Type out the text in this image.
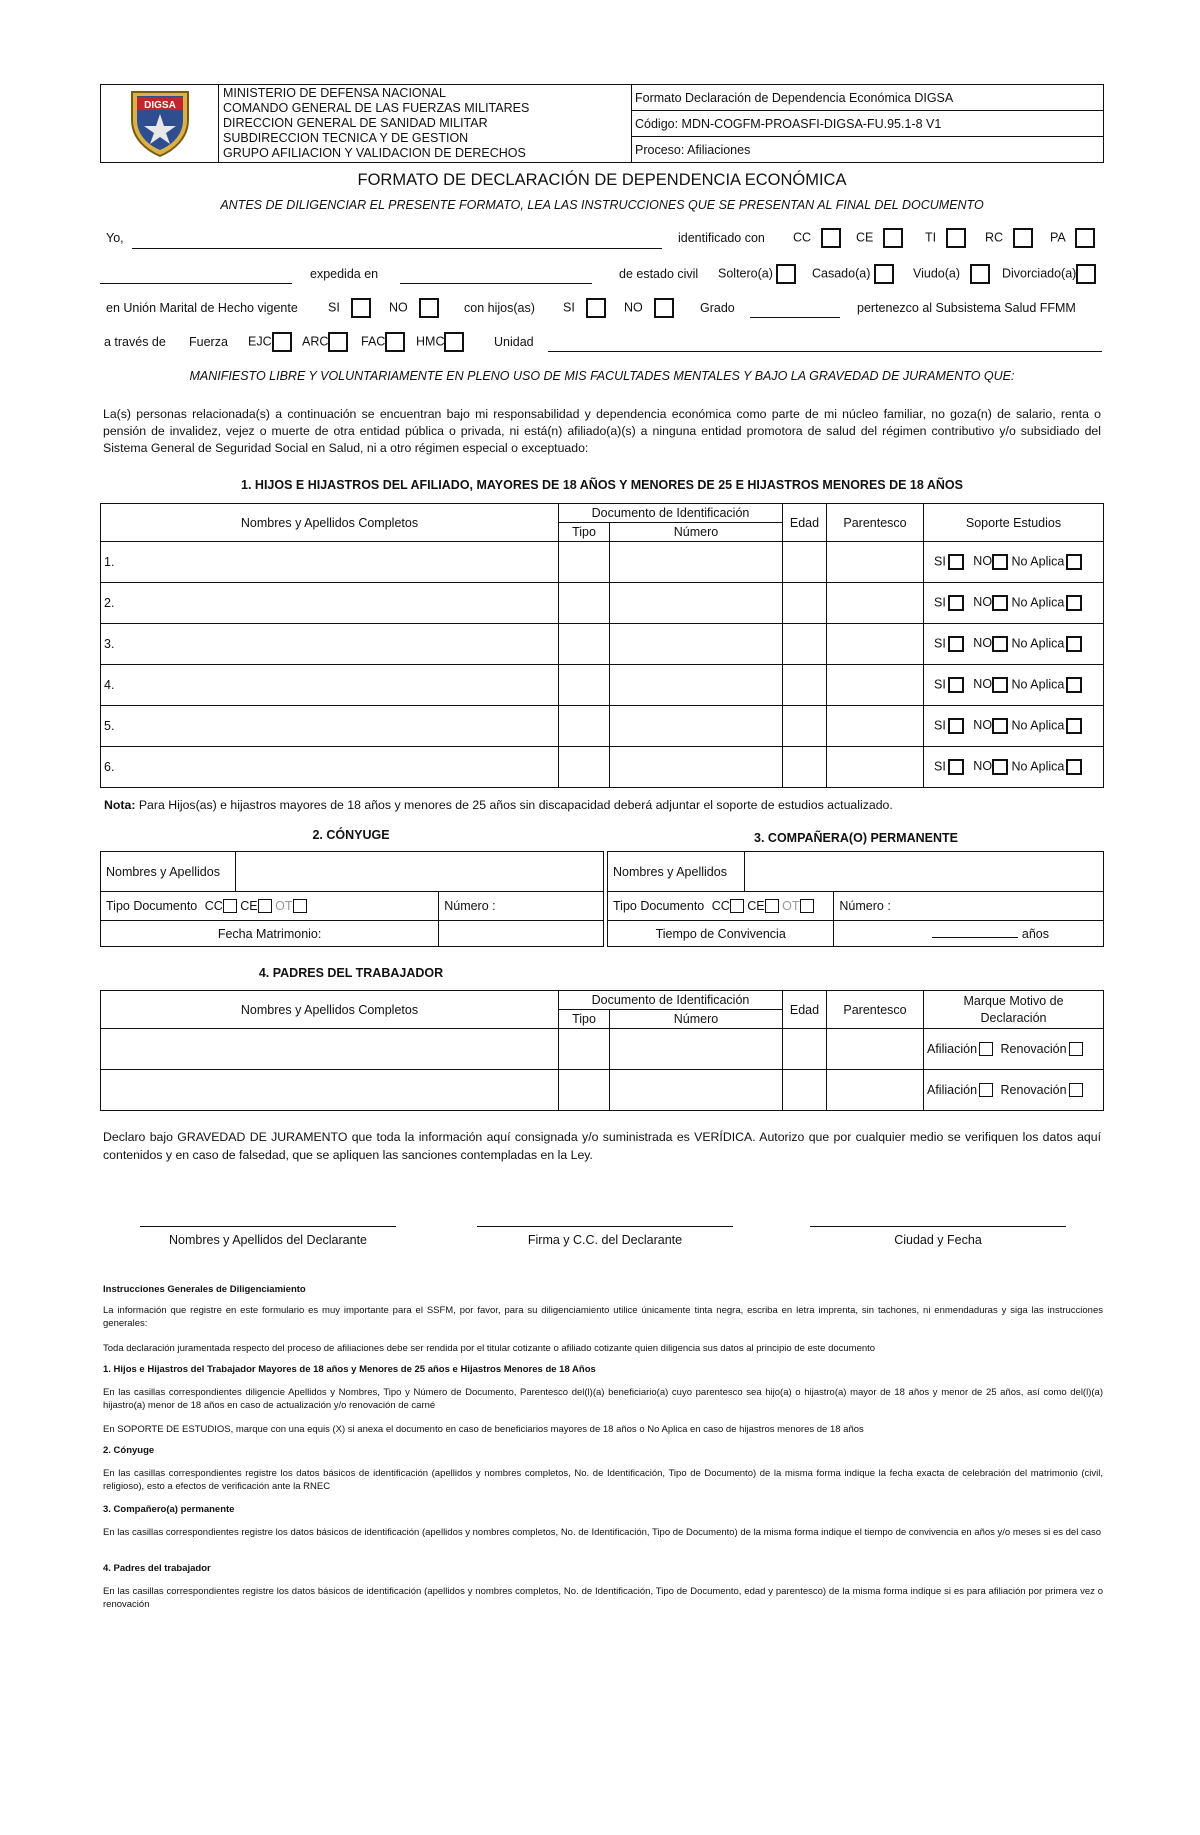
DIGSA

MINISTERIO DE DEFENSA NACIONAL
COMANDO GENERAL DE LAS FUERZAS MILITARES
DIRECCION GENERAL DE SANIDAD MILITAR
SUBDIRECCION TECNICA Y DE GESTION
GRUPO AFILIACION Y VALIDACION DE DERECHOS
	Formato Declaración de Dependencia Económica DIGSA
Código: MDN-COGFM-PROASFI-DIGSA-FU.95.1-8 V1
Proceso: Afiliaciones
FORMATO DE DECLARACIÓN DE DEPENDENCIA ECONÓMICA
ANTES DE DILIGENCIAR EL PRESENTE FORMATO, LEA LAS INSTRUCCIONES QUE SE PRESENTAN AL FINAL DEL DOCUMENTO
Yo,	identificado con CC	CE	TI	RC	PA
expedida en	de estado civil Soltero(a)	Casado(a)	Viudo(a)	Divorciado(a)
en Unión Marital de Hecho vigente SI	NO	con hijos(as) SI	NO	Grado	pertenezco al Subsistema Salud FFMM
a través de Fuerza EJC	ARC	FAC	HMC	Unidad
MANIFIESTO LIBRE Y VOLUNTARIAMENTE EN PLENO USO DE MIS FACULTADES MENTALES Y BAJO LA GRAVEDAD DE JURAMENTO QUE:
La(s) personas relacionada(s) a continuación se encuentran bajo mi responsabilidad y dependencia económica como parte de mi núcleo familiar, no goza(n) de salario, renta o pensión de invalidez, vejez o muerte de otra entidad pública o privada, ni está(n) afiliado(a)(s) a ninguna entidad promotora de salud del régimen contributivo y/o subsidiado del Sistema General de Seguridad Social en Salud, ni a otro régimen especial o exceptuado:
1. HIJOS E HIJASTROS DEL AFILIADO, MAYORES DE 18 AÑOS Y MENORES DE 25 E HIJASTROS MENORES DE 18 AÑOS
Nombres y Apellidos Completos	Documento de Identificación		Edad	Parentesco	Soporte Estudios
	Tipo	Número			
1.					SI NO No Aplica
2.					SI NO No Aplica
3.					SI NO No Aplica
4.					SI NO No Aplica
5.					SI NO No Aplica
6.					SI NO No Aplica
Nota: Para Hijos(as) e hijastros mayores de 18 años y menores de 25 años sin discapacidad deberá adjuntar el soporte de estudios actualizado.
2. CÓNYUGE	3. COMPAÑERA(O) PERMANENTE
Nombres y Apellidos		
Tipo Documento CC CE OT		Número :
Fecha Matrimonio:		
Nombres y Apellidos		
Tipo Documento CC CE OT		Número :
Tiempo de Convivencia		años
4. PADRES DEL TRABAJADOR
Nombres y Apellidos Completos	Documento de Identificación		Edad	Parentesco	Marque Motivo de Declaración
	Tipo	Número			
					Afiliación Renovación
					Afiliación Renovación
Declaro bajo GRAVEDAD DE JURAMENTO que toda la información aquí consignada y/o suministrada es VERÍDICA. Autorizo que por cualquier medio se verifiquen los datos aquí contenidos y en caso de falsedad, que se apliquen las sanciones contempladas en la Ley.
Nombres y Apellidos del Declarante	Firma y C.C. del Declarante	Ciudad y Fecha
Instrucciones Generales de Diligenciamiento
La información que registre en este formulario es muy importante para el SSFM, por favor, para su diligenciamiento utilice únicamente tinta negra, escriba en letra imprenta, sin tachones, ni enmendaduras y siga las instrucciones generales:
Toda declaración juramentada respecto del proceso de afiliaciones debe ser rendida por el titular cotizante o afiliado cotizante quien diligencia sus datos al principio de este documento
1. Hijos e Hijastros del Trabajador Mayores de 18 años y Menores de 25 años e Hijastros Menores de 18 Años
En las casillas correspondientes diligencie Apellidos y Nombres, Tipo y Número de Documento, Parentesco del(l)(a) beneficiario(a) cuyo parentesco sea hijo(a) o hijastro(a) mayor de 18 años y menor de 25 años, así como del(l)(a) hijastro(a) menor de 18 años en caso de actualización y/o renovación de carné
En SOPORTE DE ESTUDIOS, marque con una equis (X) si anexa el documento en caso de beneficiarios mayores de 18 años o No Aplica en caso de hijastros menores de 18 años
2. Cónyuge
En las casillas correspondientes registre los datos básicos de identificación (apellidos y nombres completos, No. de Identificación, Tipo de Documento) de la misma forma indique la fecha exacta de celebración del matrimonio (civil, religioso), esto a efectos de verificación ante la RNEC
3. Compañero(a) permanente
En las casillas correspondientes registre los datos básicos de identificación (apellidos y nombres completos, No. de Identificación, Tipo de Documento) de la misma forma indique el tiempo de convivencia en años y/o meses si es del caso
4. Padres del trabajador
En las casillas correspondientes registre los datos básicos de identificación (apellidos y nombres completos, No. de Identificación, Tipo de Documento, edad y parentesco) de la misma forma indique si es para afiliación por primera vez o renovación
